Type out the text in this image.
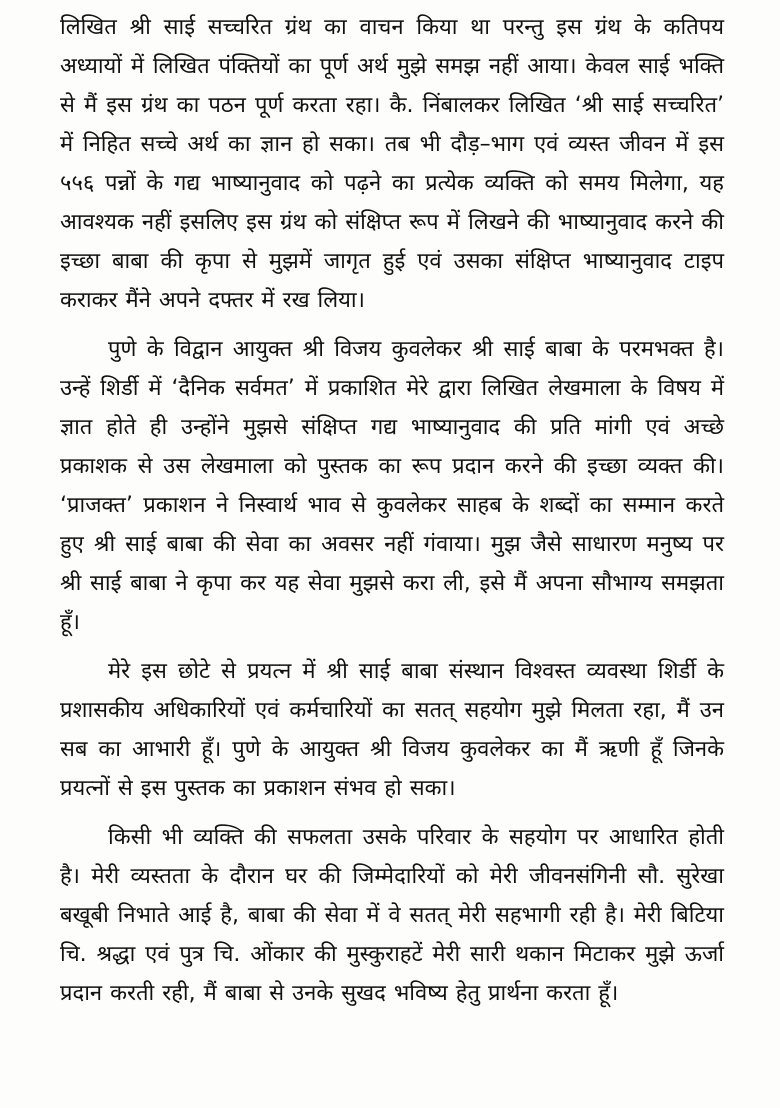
लिखित श्री साई सच्चरित ग्रंथ का वाचन किया था परन्तु इस ग्रंथ के कतिपय अध्यायों में लिखित पंक्तियों का पूर्ण अर्थ मुझे समझ नहीं आया। केवल साई भक्ति से मैं इस ग्रंथ का पठन पूर्ण करता रहा। कै. निंबालकर लिखित ‘श्री साई सच्चरित’ में निहित सच्चे अर्थ का ज्ञान हो सका। तब भी दौड़–भाग एवं व्यस्त जीवन में इस ५५६ पन्नों के गद्य भाष्यानुवाद को पढ़ने का प्रत्येक व्यक्ति को समय मिलेगा, यह आवश्यक नहीं इसलिए इस ग्रंथ को संक्षिप्त रूप में लिखने की भाष्यानुवाद करने की इच्छा बाबा की कृपा से मुझमें जागृत हुई एवं उसका संक्षिप्त भाष्यानुवाद टाइप कराकर मैंने अपने दफ्तर में रख लिया।

पुणे के विद्वान आयुक्त श्री विजय कुवलेकर श्री साई बाबा के परमभक्त है। उन्हें शिर्डी में ‘दैनिक सर्वमत’ में प्रकाशित मेरे द्वारा लिखित लेखमाला के विषय में ज्ञात होते ही उन्होंने मुझसे संक्षिप्त गद्य भाष्यानुवाद की प्रति मांगी एवं अच्छे प्रकाशक से उस लेखमाला को पुस्तक का रूप प्रदान करने की इच्छा व्यक्त की। ‘प्राजक्त’ प्रकाशन ने निस्वार्थ भाव से कुवलेकर साहब के शब्दों का सम्मान करते हुए श्री साई बाबा की सेवा का अवसर नहीं गंवाया। मुझ जैसे साधारण मनुष्य पर श्री साई बाबा ने कृपा कर यह सेवा मुझसे करा ली, इसे मैं अपना सौभाग्य समझता हूँ।

मेरे इस छोटे से प्रयत्न में श्री साई बाबा संस्थान विश्वस्त व्यवस्था शिर्डी के प्रशासकीय अधिकारियों एवं कर्मचारियों का सतत् सहयोग मुझे मिलता रहा, मैं उन सब का आभारी हूँ। पुणे के आयुक्त श्री विजय कुवलेकर का मैं ऋणी हूँ जिनके प्रयत्नों से इस पुस्तक का प्रकाशन संभव हो सका।

किसी भी व्यक्ति की सफलता उसके परिवार के सहयोग पर आधारित होती है। मेरी व्यस्तता के दौरान घर की जिम्मेदारियों को मेरी जीवनसंगिनी सौ. सुरेखा बखूबी निभाते आई है, बाबा की सेवा में वे सतत् मेरी सहभागी रही है। मेरी बिटिया चि. श्रद्धा एवं पुत्र चि. ओंकार की मुस्कुराहटें मेरी सारी थकान मिटाकर मुझे ऊर्जा प्रदान करती रही, मैं बाबा से उनके सुखद भविष्य हेतु प्रार्थना करता हूँ।
